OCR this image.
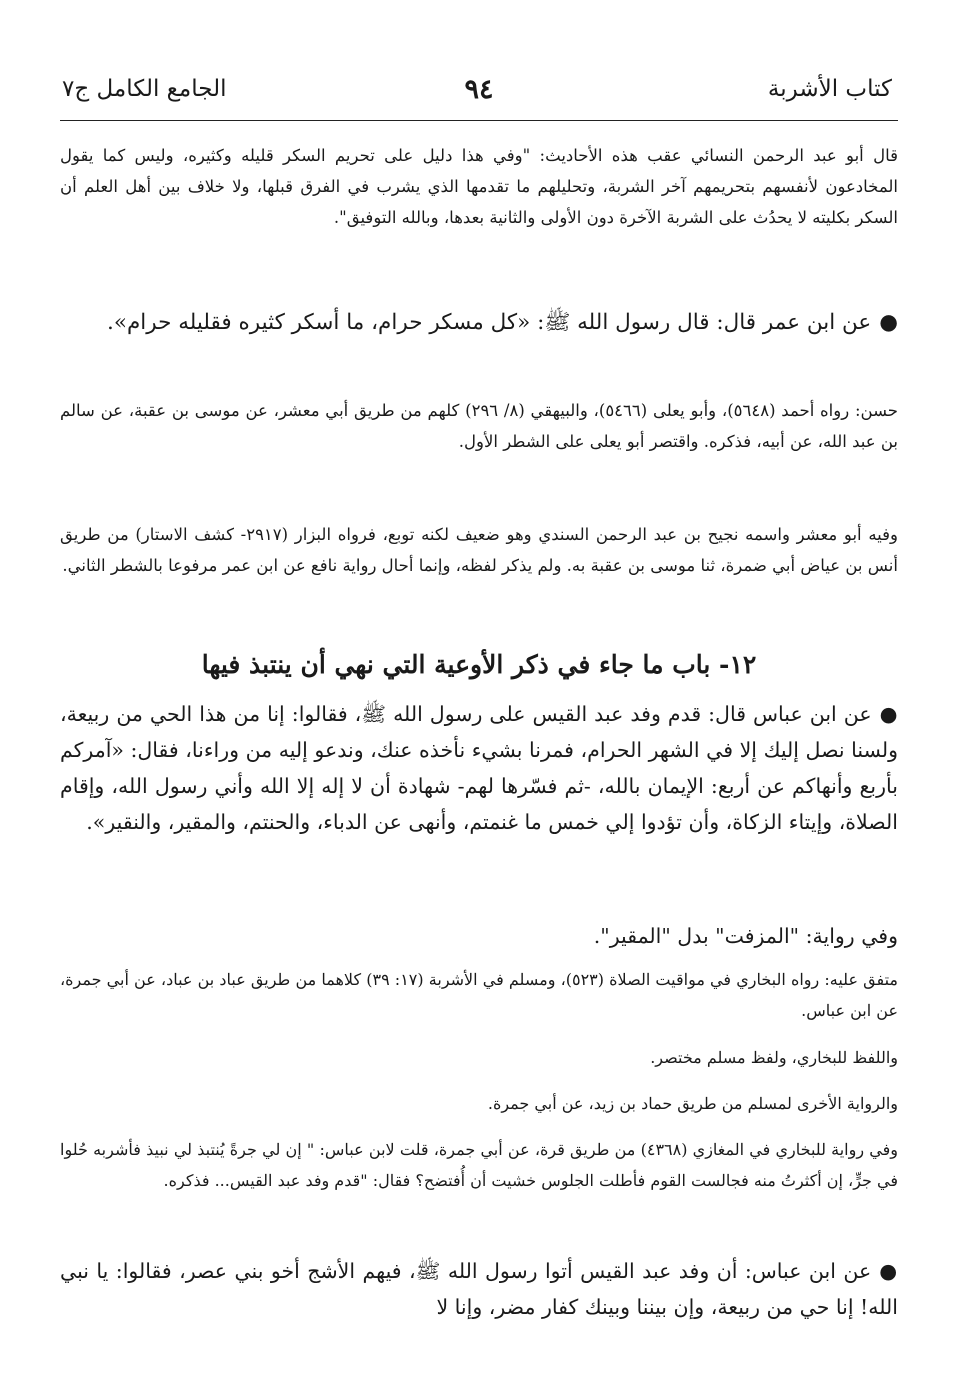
كتاب الأشربة
٩٤
الجامع الكامل ج٧
قال أبو عبد الرحمن النسائي عقب هذه الأحاديث: "وفي هذا دليل على تحريم السكر قليله وكثيره، وليس كما يقول المخادعون لأنفسهم بتحريمهم آخر الشربة، وتحليلهم ما تقدمها الذي يشرب في الفرق قبلها، ولا خلاف بين أهل العلم أن السكر بكليته لا يحدُث على الشربة الآخرة دون الأولى والثانية بعدها، وبالله التوفيق".
●عن ابن عمر قال: قال رسول الله ﷺ: «كل مسكر حرام، ما أسكر كثيره فقليله حرام».
حسن: رواه أحمد (٥٦٤٨)، وأبو يعلى (٥٤٦٦)، والبيهقي (٨/ ٢٩٦) كلهم من طريق أبي معشر، عن موسى بن عقبة، عن سالم بن عبد الله، عن أبيه، فذكره. واقتصر أبو يعلى على الشطر الأول.
وفيه أبو معشر واسمه نجيح بن عبد الرحمن السندي وهو ضعيف لكنه توبع، فرواه البزار (٢٩١٧- كشف الاستار) من طريق أنس بن عياض أبي ضمرة، ثنا موسى بن عقبة به. ولم يذكر لفظه، وإنما أحال رواية نافع عن ابن عمر مرفوعا بالشطر الثاني.
١٢- باب ما جاء في ذكر الأوعية التي نهي أن ينتبذ فيها
●عن ابن عباس قال: قدم وفد عبد القيس على رسول الله ﷺ، فقالوا: إنا من هذا الحي من ربيعة، ولسنا نصل إليك إلا في الشهر الحرام، فمرنا بشيء نأخذه عنك، وندعو إليه من وراءنا، فقال: «آمركم بأربع وأنهاكم عن أربع: الإيمان بالله، -ثم فسّرها لهم- شهادة أن لا إله إلا الله وأني رسول الله، وإقام الصلاة، وإيتاء الزكاة، وأن تؤدوا إلي خمس ما غنمتم، وأنهى عن الدباء، والحنتم، والمقير، والنقير».
وفي رواية: "المزفت" بدل "المقير".
متفق عليه: رواه البخاري في مواقيت الصلاة (٥٢٣)، ومسلم في الأشربة (١٧: ٣٩) كلاهما من طريق عباد بن عباد، عن أبي جمرة، عن ابن عباس.
واللفظ للبخاري، ولفظ مسلم مختصر.
والرواية الأخرى لمسلم من طريق حماد بن زيد، عن أبي جمرة.
وفي رواية للبخاري في المغازي (٤٣٦٨) من طريق قرة، عن أبي جمرة، قلت لابن عباس: " إن لي جرةً يُنتبذ لي نبيذ فأشربه حُلوا في جرٍّ، إن أكثرتُ منه فجالست القوم فأطلت الجلوس خشيت أن أُفتضح؟ فقال: "قدم وفد عبد القيس... فذكره.
●عن ابن عباس: أن وفد عبد القيس أتوا رسول الله ﷺ، فيهم الأشج أخو بني عصر، فقالوا: يا نبي الله! إنا حي من ربيعة، وإن بيننا وبينك كفار مضر، وإنا لا
